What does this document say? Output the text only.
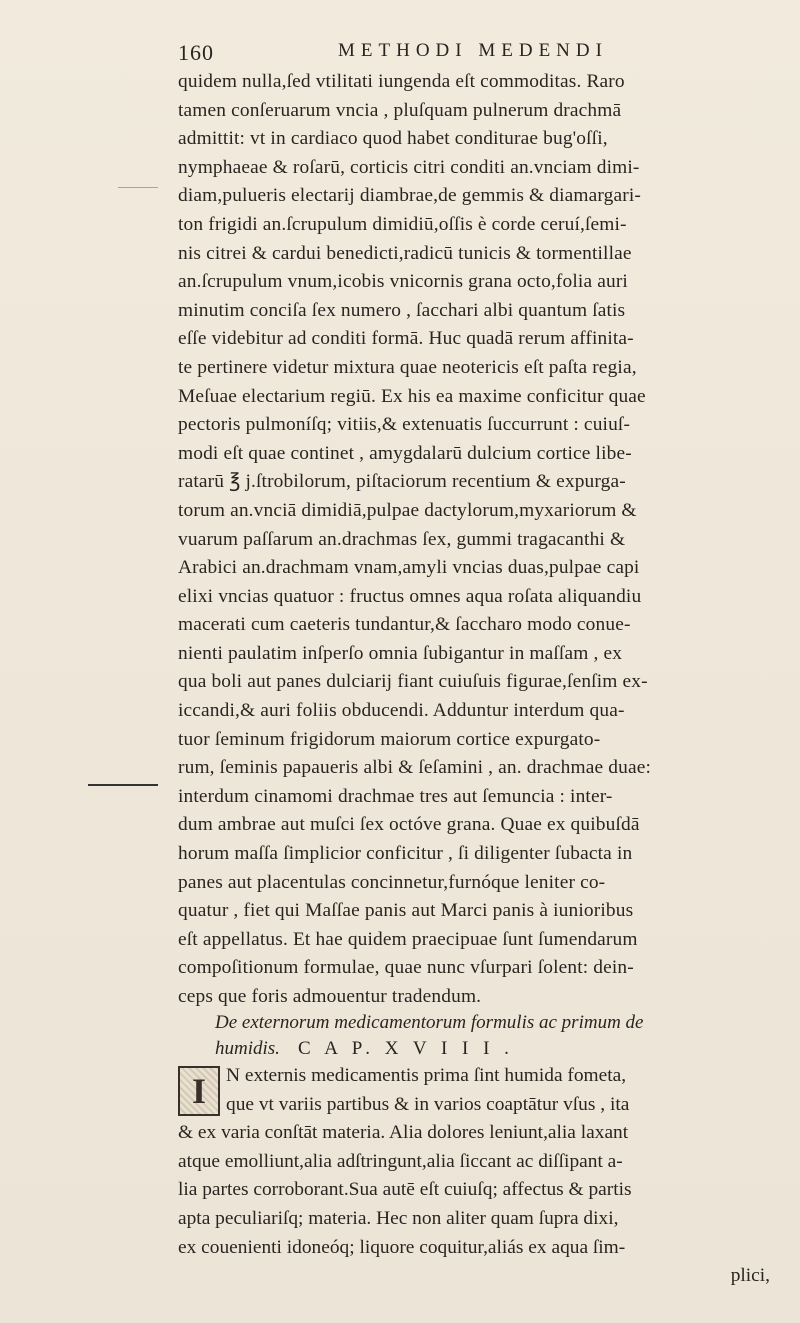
160	METHODI MEDENDI
quidem nulla,ſed vtilitati iungenda eſt commoditas. Raro
tamen conſeruarum vncia , pluſquam pulnerum drachmā
admittit: vt in cardiaco quod habet conditurae bug'oſſi,
nymphaeae & roſarū, corticis citri conditi an.vnciam dimi-
diam,pulueris electarij diambrae,de gemmis & diamargari-
ton frigidi an.ſcrupulum dimidiū,oſſis è corde ceruí,ſemi-
nis citrei & cardui benedicti,radicū tunicis & tormentillae
an.ſcrupulum vnum,icobis vnicornis grana octo,folia auri
minutim conciſa ſex numero , ſacchari albi quantum ſatis
eſſe videbitur ad conditi formā. Huc quadā rerum affinita-
te pertinere videtur mixtura quae neotericis eſt paſta regia,
Meſuae electarium regiū. Ex his ea maxime conficitur quae
pectoris pulmoníſq; vitiis,& extenuatis ſuccurrunt : cuiuſ-
modi eſt quae continet , amygdalarū dulcium cortice libe-
ratarū ℥ j.ſtrobilorum, piſtaciorum recentium & expurga-
torum an.vnciā dimidiā,pulpae dactylorum,myxariorum &
vuarum paſſarum an.drachmas ſex, gummi tragacanthi &
Arabici an.drachmam vnam,amyli vncias duas,pulpae capi
elixi vncias quatuor : fructus omnes aqua roſata aliquandiu
macerati cum caeteris tundantur,& ſaccharo modo conue-
nienti paulatim inſperſo omnia ſubigantur in maſſam , ex
qua boli aut panes dulciarij fiant cuiuſuis figurae,ſenſim ex-
iccandi,& auri foliis obducendi. Adduntur interdum qua-
tuor ſeminum frigidorum maiorum cortice expurgato-
rum, ſeminis papaueris albi & ſeſamini , an. drachmae duae:
interdum cinamomi drachmae tres aut ſemuncia : inter-
dum ambrae aut muſci ſex octóve grana. Quae ex quibuſdā
horum maſſa ſimplicior conficitur , ſi diligenter ſubacta in
panes aut placentulas concinnetur,furnóque leniter co-
quatur , fiet qui Maſſae panis aut Marci panis à iunioribus
eſt appellatus. Et hae quidem praecipuae ſunt ſumendarum
compoſitionum formulae, quae nunc vſurpari ſolent: dein-
ceps que foris admouentur tradendum.
De externorum medicamentorum formulis ac primum de
humidis. C A P. X V I I I .
I	N externis medicamentis prima ſint humida fometa,
que vt variis partibus & in varios coaptātur vſus , ita
& ex varia conſtāt materia. Alia dolores leniunt,alia laxant
atque emolliunt,alia adſtringunt,alia ſiccant ac diſſipant a-
lia partes corroborant.Sua autē eſt cuiuſq; affectus & partis
apta peculiariſq; materia. Hec non aliter quam ſupra dixi,
ex couenienti idoneóq; liquore coquitur,aliás ex aqua ſim-
plici,
